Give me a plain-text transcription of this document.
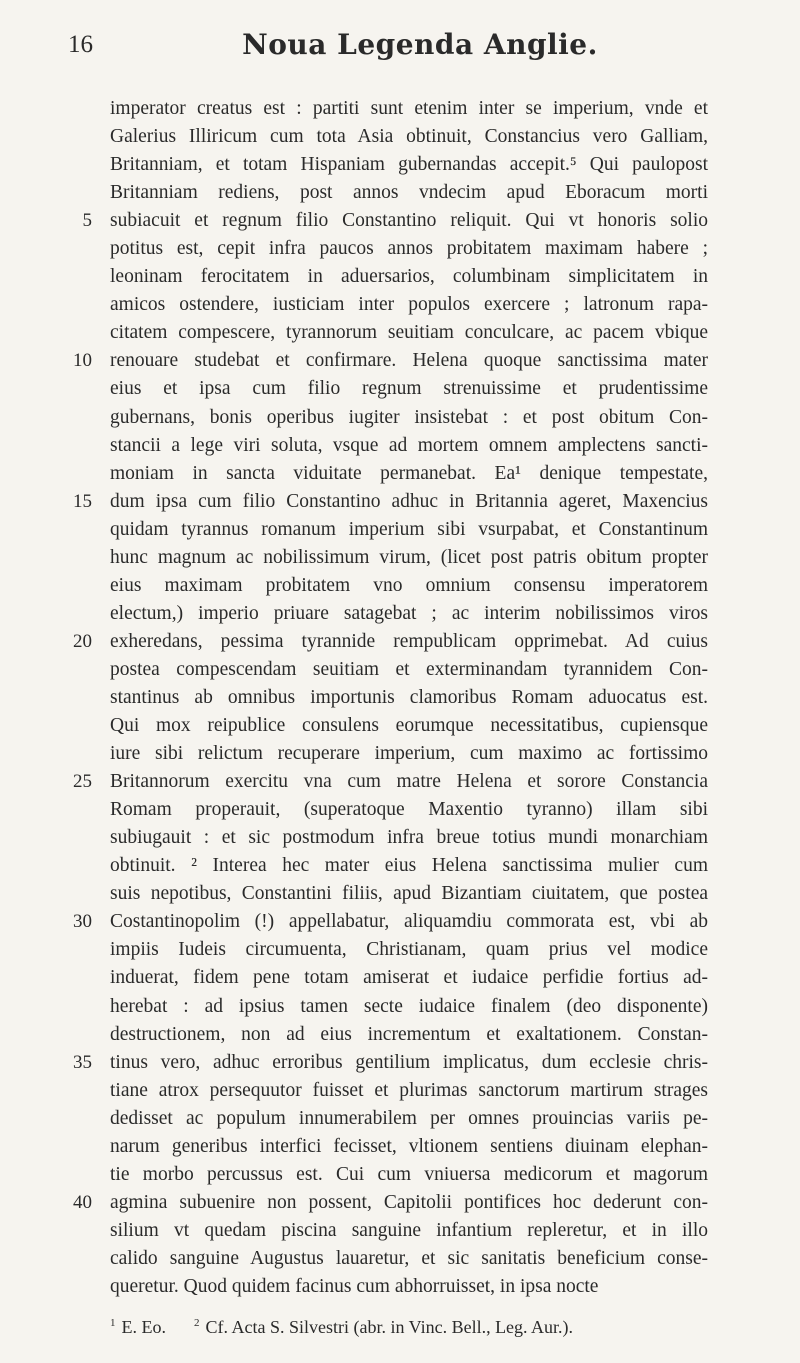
16	Noua Legenda Anglie.
imperator creatus est : partiti sunt etenim inter se imperium, vnde et
Galerius Illiricum cum tota Asia obtinuit, Constancius vero Galliam,
Britanniam, et totam Hispaniam gubernandas accepit.⁵ Qui paulopost
Britanniam rediens, post annos vndecim apud Eboracum morti
5 subiacuit et regnum filio Constantino reliquit. Qui vt honoris solio
potitus est, cepit infra paucos annos probitatem maximam habere ;
leoninam ferocitatem in aduersarios, columbinam simplicitatem in
amicos ostendere, iusticiam inter populos exercere ; latronum rapa-
citatem compescere, tyrannorum seuitiam conculcare, ac pacem vbique
10 renouare studebat et confirmare. Helena quoque sanctissima mater
eius et ipsa cum filio regnum strenuissime et prudentissime
gubernans, bonis operibus iugiter insistebat : et post obitum Con-
stancii a lege viri soluta, vsque ad mortem omnem amplectens sancti-
moniam in sancta viduitate permanebat. Ea¹ denique tempestate,
15 dum ipsa cum filio Constantino adhuc in Britannia ageret, Maxencius
quidam tyrannus romanum imperium sibi vsurpabat, et Constantinum
hunc magnum ac nobilissimum virum, (licet post patris obitum propter
eius maximam probitatem vno omnium consensu imperatorem
electum,) imperio priuare satagebat ; ac interim nobilissimos viros
20 exheredans, pessima tyrannide rempublicam opprimebat. Ad cuius
postea compescendam seuitiam et exterminandam tyrannidem Con-
stantinus ab omnibus importunis clamoribus Romam aduocatus est.
Qui mox reipublice consulens eorumque necessitatibus, cupiensque
iure sibi relictum recuperare imperium, cum maximo ac fortissimo
25 Britannorum exercitu vna cum matre Helena et sorore Constancia
Romam properauit, (superatoque Maxentio tyranno) illam sibi
subiugauit : et sic postmodum infra breue totius mundi monarchiam
obtinuit. ² Interea hec mater eius Helena sanctissima mulier cum
suis nepotibus, Constantini filiis, apud Bizantiam ciuitatem, que postea
30 Costantinopolim (!) appellabatur, aliquamdiu commorata est, vbi ab
impiis Iudeis circumuenta, Christianam, quam prius vel modice
induerat, fidem pene totam amiserat et iudaice perfidie fortius ad-
herebat : ad ipsius tamen secte iudaice finalem (deo disponente)
destructionem, non ad eius incrementum et exaltationem. Constan-
35 tinus vero, adhuc erroribus gentilium implicatus, dum ecclesie chris-
tiane atrox persequutor fuisset et plurimas sanctorum martirum strages
dedisset ac populum innumerabilem per omnes prouincias variis pe-
narum generibus interfici fecisset, vltionem sentiens diuinam elephan-
tie morbo percussus est. Cui cum vniuersa medicorum et magorum
40 agmina subuenire non possent, Capitolii pontifices hoc dederunt con-
silium vt quedam piscina sanguine infantium repleretur, et in illo
calido sanguine Augustus lauaretur, et sic sanitatis beneficium conse-
queretur. Quod quidem facinus cum abhorruisset, in ipsa nocte
$^1$ E. Eo.	$^2$ Cf. Acta S. Silvestri (abr. in Vinc. Bell., Leg. Aur.).
